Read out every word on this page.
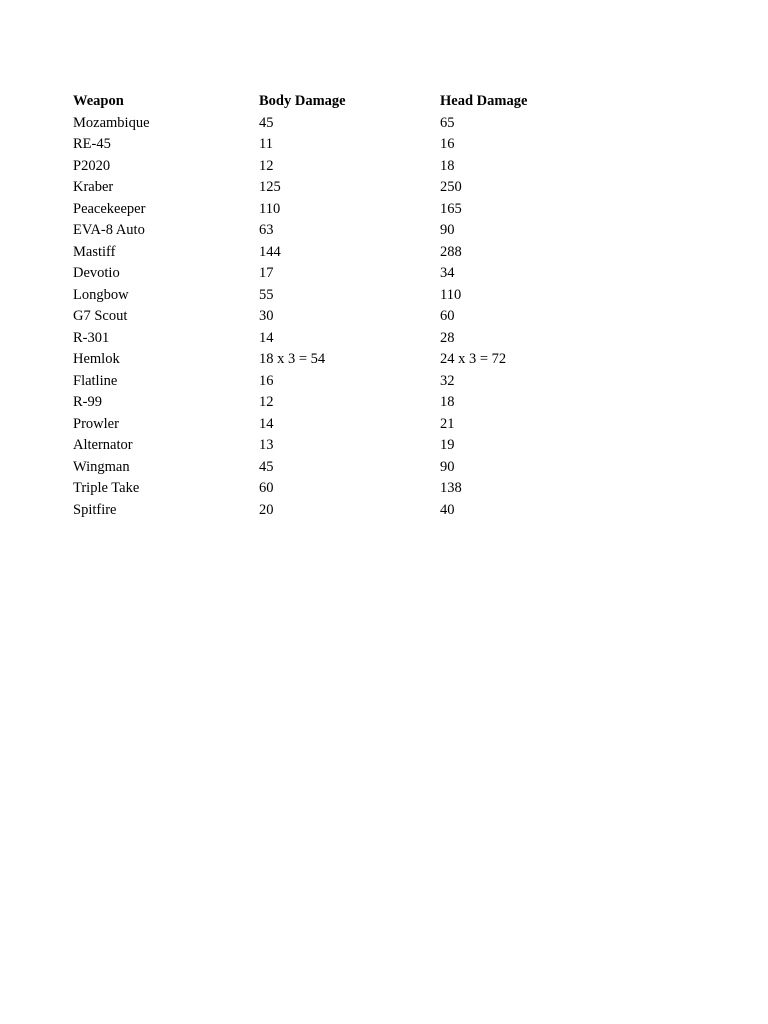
Weapon	Body Damage	Head Damage
Mozambique	45	65
RE-45	11	16
P2020	12	18
Kraber	125	250
Peacekeeper	110	165
EVA-8 Auto	63	90
Mastiff	144	288
Devotio	17	34
Longbow	55	110
G7 Scout	30	60
R-301	14	28
Hemlok	18 x 3 = 54	24 x 3 = 72
Flatline	16	32
R-99	12	18
Prowler	14	21
Alternator	13	19
Wingman	45	90
Triple Take	60	138
Spitfire	20	40
